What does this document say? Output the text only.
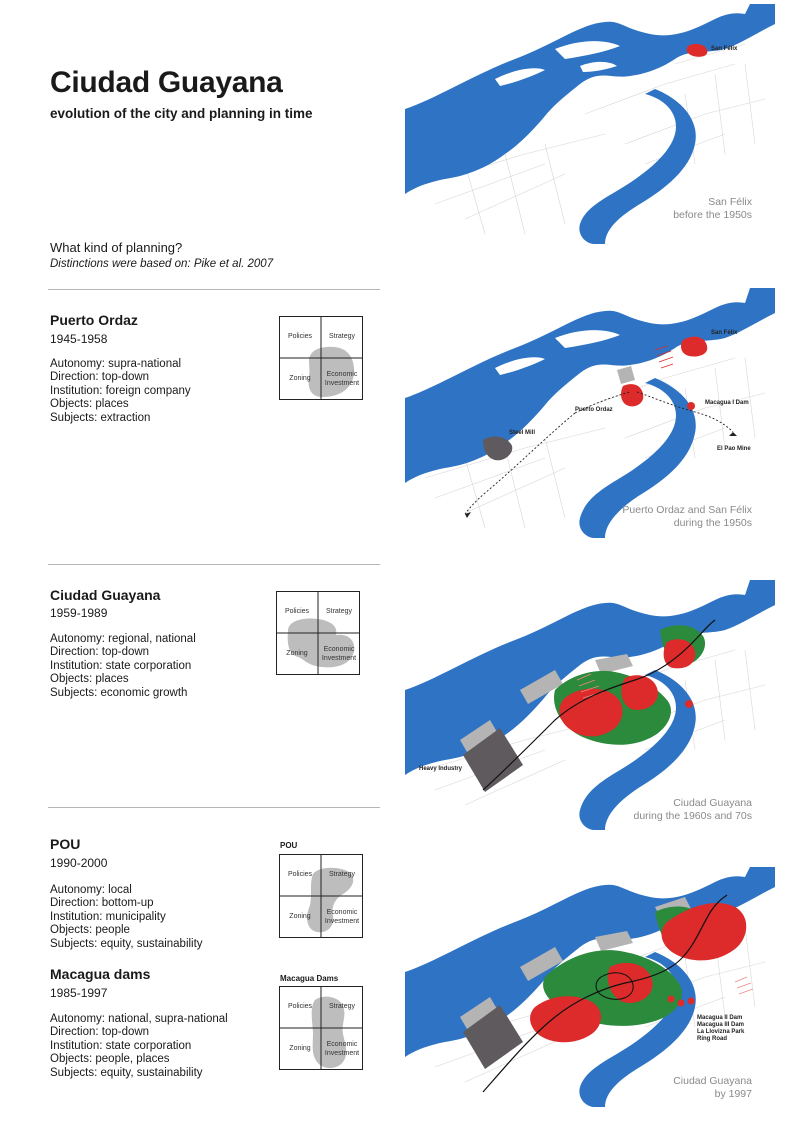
Ciudad Guayana
evolution of the city and planning in time
What kind of planning?
Distinctions were based on: Pike et al. 2007
Puerto Ordaz
1945-1958
Autonomy: supra-national
Direction: top-down
Institution: foreign company
Objects: places
Subjects: extraction
Ciudad Guayana
1959-1989
Autonomy: regional, national
Direction: top-down
Institution: state corporation
Objects: places
Subjects: economic growth
POU
1990-2000
Autonomy: local
Direction: bottom-up
Institution: municipality
Objects: people
Subjects: equity, sustainability
Macagua dams
1985-1997
Autonomy: national, supra-national
Direction: top-down
Institution: state corporation
Objects: people, places
Subjects: equity, sustainability
Policies Strategy
Zoning
Economic
Investment
Policies Strategy
Zoning
Economic
Investment
POU
Policies Strategy
Zoning
Economic
Investment
Macagua Dams
Policies Strategy
Zoning
Economic
Investment
San Félix
San Félix
before the 1950s
San Félix
Puerto Ordaz
Steel Mill
Macagua I Dam
El Pao Mine
Puerto Ordaz and San Félix
during the 1950s
Heavy Industry
Ciudad Guayana
during the 1960s and 70s
Macagua II Dam
Macagua III Dam
La Llovizna Park
Ring Road
Ciudad Guayana
by 1997
